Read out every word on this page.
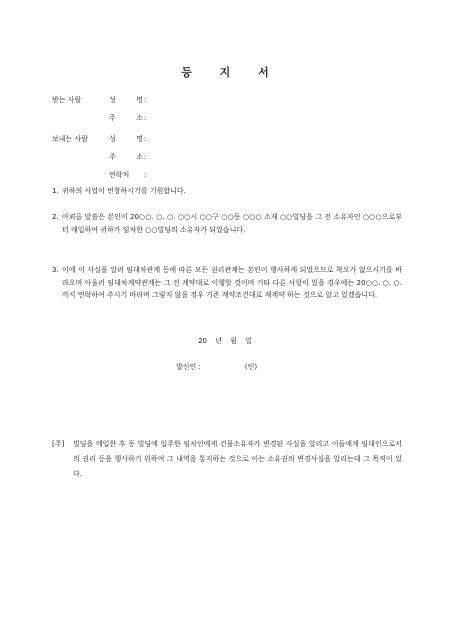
등 지 서
받는 사람	성 명 :
주 소 :
보내는 사람	성 명 :
주 소 :
연락처	:
1. 귀하의 사업이 번창하시기를 기원합니다.
2. 아뢰올 말씀은 본인이 20○○. ○. ○. ○○시 ○○구 ○○동 ○○○ 소재 ○○빌딩을 그 전 소유자인 ○○○으로부터 매입하여 귀하가 임차한 ○○빌딩의 소유자가 되었습니다.
3. 이에 이 사실을 알려 임대차관계 등에 따른 모든 권리관계는 본인이 행사하게 되었으므로 착오가 없으시기를 바라오며 아울러 임대차계약관계는 그 전 계약대로 이행할 것이며 기타 다른 사항이 있을 경우에는 20○○. ○. ○.까지 연락하여 주시기 바라며 그렇지 않을 경우 기존 계약조건대로 재계약 하는 것으로 알고 있겠습니다.
20 년 월 일
발신인 :	(인)
[주] 빌딩을 매입한 후 동 빌딩에 입주한 임차인에게 건물소유자가 변경된 사실을 알리고 이들에게 임대인으로서의 권리 등을 행사하기 위하여 그 내역을 통지하는 것으로 이는 소유권의 변경사실을 알리는데 그 목적이 있다.
